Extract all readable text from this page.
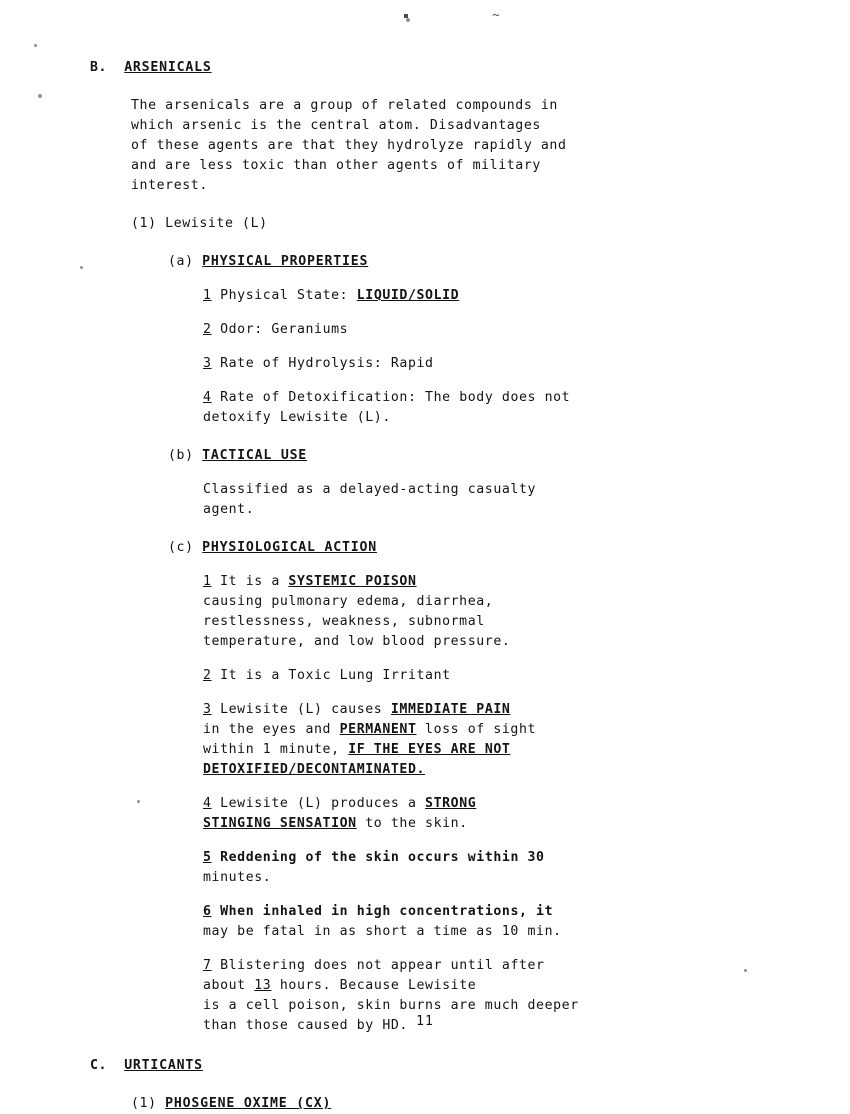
~
B. ARSENICALS
The arsenicals are a group of related compounds in
which arsenic is the central atom. Disadvantages
of these agents are that they hydrolyze rapidly and
and are less toxic than other agents of military
interest.
(1) Lewisite (L)
(a) PHYSICAL PROPERTIES
1 Physical State: LIQUID/SOLID
2 Odor: Geraniums
3 Rate of Hydrolysis: Rapid
4 Rate of Detoxification: The body does not
detoxify Lewisite (L).
(b) TACTICAL USE
Classified as a delayed-acting casualty
agent.
(c) PHYSIOLOGICAL ACTION
1 It is a SYSTEMIC POISON
causing pulmonary edema, diarrhea,
restlessness, weakness, subnormal
temperature, and low blood pressure.
2 It is a Toxic Lung Irritant
3 Lewisite (L) causes IMMEDIATE PAIN
in the eyes and PERMANENT loss of sight
within 1 minute, IF THE EYES ARE NOT
DETOXIFIED/DECONTAMINATED.
4 Lewisite (L) produces a STRONG
STINGING SENSATION to the skin.
5 Reddening of the skin occurs within 30
minutes.
6 When inhaled in high concentrations, it
may be fatal in as short a time as 10 min.
7 Blistering does not appear until after
about 13 hours. Because Lewisite
is a cell poison, skin burns are much deeper
than those caused by HD.
C. URTICANTS
(1) PHOSGENE OXIME (CX)
11
